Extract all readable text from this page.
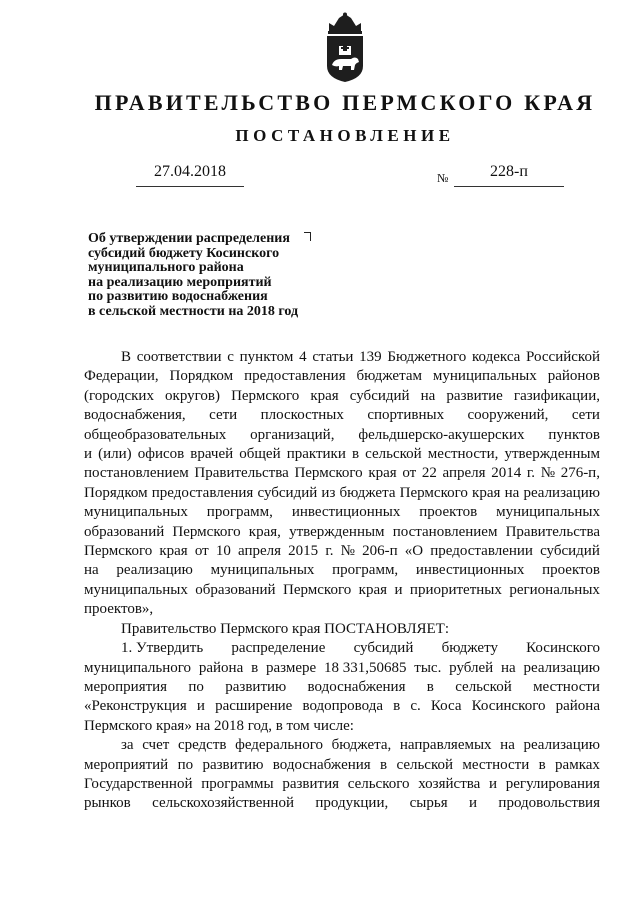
ПРАВИТЕЛЬСТВО ПЕРМСКОГО КРАЯ
ПОСТАНОВЛЕНИЕ
27.04.2018	№	228-п
Об утверждении распределения
субсидий бюджету Косинского
муниципального района
на реализацию мероприятий
по развитию водоснабжения
в сельской местности на 2018 год
В соответствии с пунктом 4 статьи 139 Бюджетного кодекса Российской
Федерации, Порядком предоставления бюджетам муниципальных районов
(городских округов) Пермского края субсидий на развитие газификации,
водоснабжения, сети плоскостных спортивных сооружений, сети
общеобразовательных организаций, фельдшерско-акушерских пунктов
и (или) офисов врачей общей практики в сельской местности, утвержденным
постановлением Правительства Пермского края от 22 апреля 2014 г. № 276-п,
Порядком предоставления субсидий из бюджета Пермского края на реализацию
муниципальных программ, инвестиционных проектов муниципальных
образований Пермского края, утвержденным постановлением Правительства
Пермского края от 10 апреля 2015 г. № 206-п «О предоставлении субсидий
на реализацию муниципальных программ, инвестиционных проектов
муниципальных образований Пермского края и приоритетных региональных
проектов»,
Правительство Пермского края ПОСТАНОВЛЯЕТ:
1. Утвердить распределение субсидий бюджету Косинского
муниципального района в размере 18 331,50685 тыс. рублей на реализацию
мероприятия по развитию водоснабжения в сельской местности
«Реконструкция и расширение водопровода в с. Коса Косинского района
Пермского края» на 2018 год, в том числе:
за счет средств федерального бюджета, направляемых на реализацию
мероприятий по развитию водоснабжения в сельской местности в рамках
Государственной программы развития сельского хозяйства и регулирования
рынков сельскохозяйственной продукции, сырья и продовольствия
